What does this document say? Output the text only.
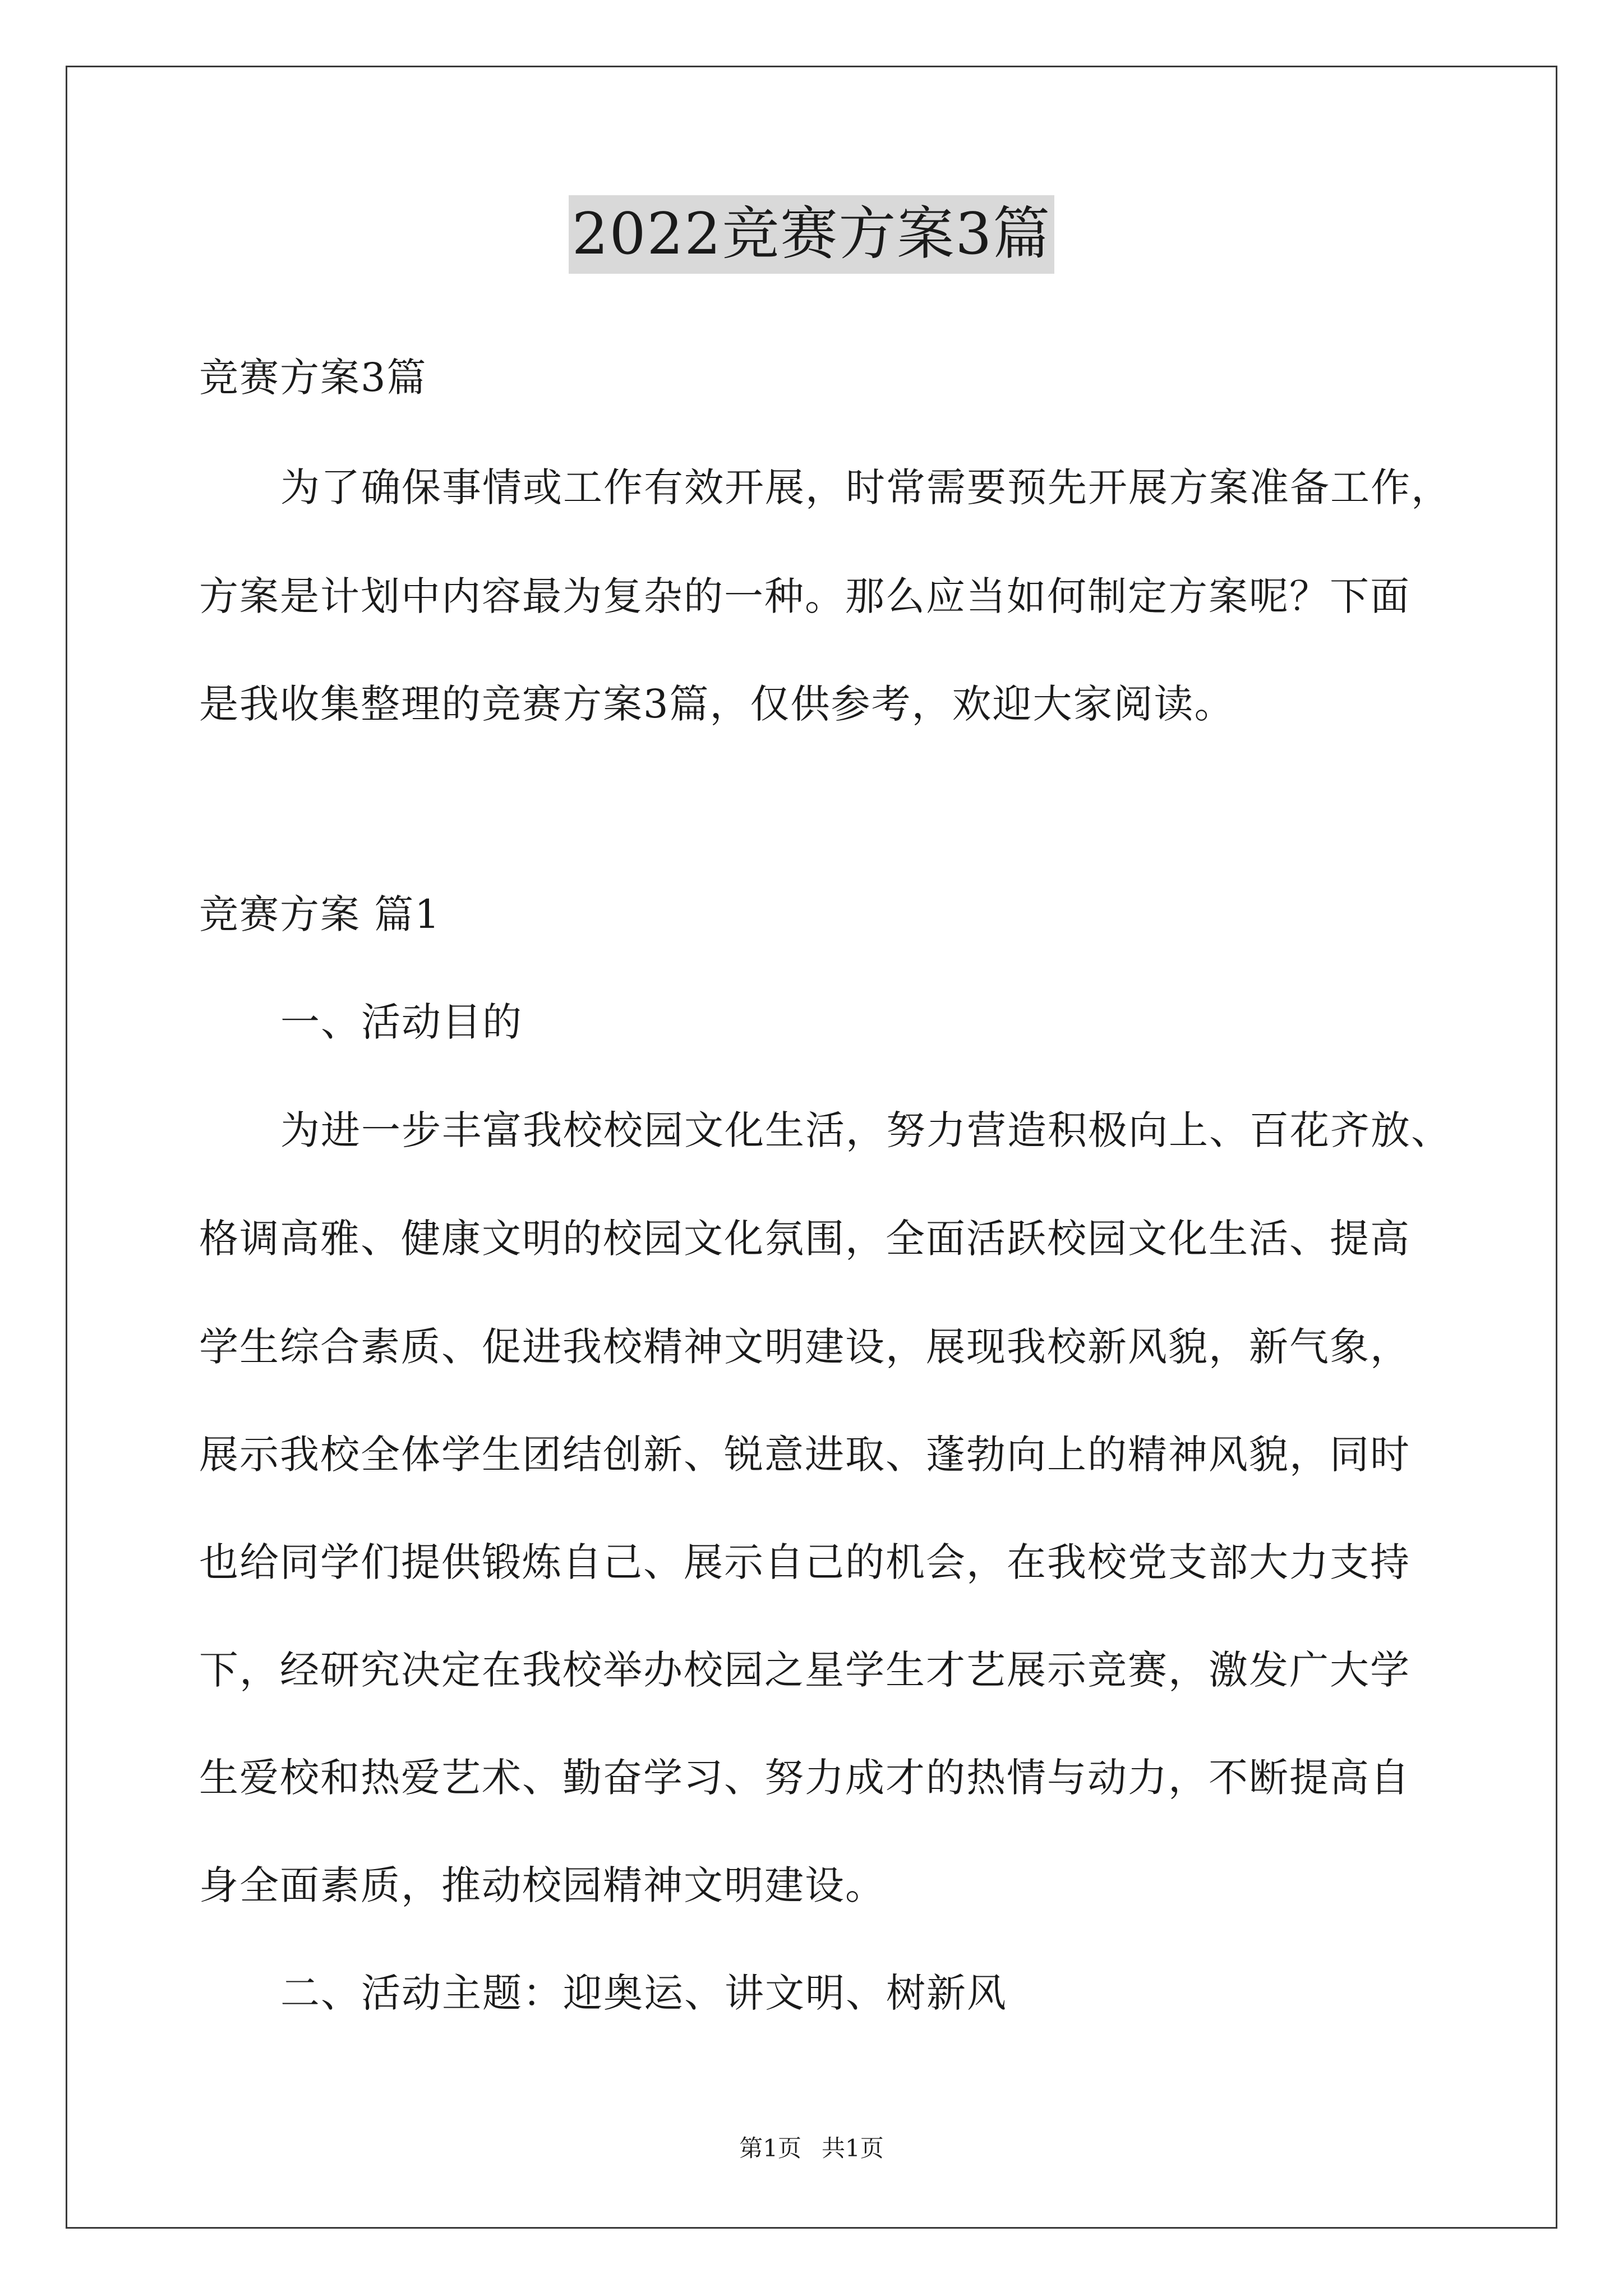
2022竞赛方案3篇
竞赛方案3篇
为了确保事情或工作有效开展，时常需要预先开展方案准备工作，
方案是计划中内容最为复杂的一种。那么应当如何制定方案呢？下面
是我收集整理的竞赛方案3篇，仅供参考，欢迎大家阅读。
竞赛方案 篇1
一、活动目的
为进一步丰富我校校园文化生活，努力营造积极向上、百花齐放、
格调高雅、健康文明的校园文化氛围，全面活跃校园文化生活、提高
学生综合素质、促进我校精神文明建设，展现我校新风貌，新气象，
展示我校全体学生团结创新、锐意进取、蓬勃向上的精神风貌，同时
也给同学们提供锻炼自己、展示自己的机会，在我校党支部大力支持
下，经研究决定在我校举办校园之星学生才艺展示竞赛，激发广大学
生爱校和热爱艺术、勤奋学习、努力成才的热情与动力，不断提高自
身全面素质，推动校园精神文明建设。
二、活动主题：迎奥运、讲文明、树新风
第1页 共1页
